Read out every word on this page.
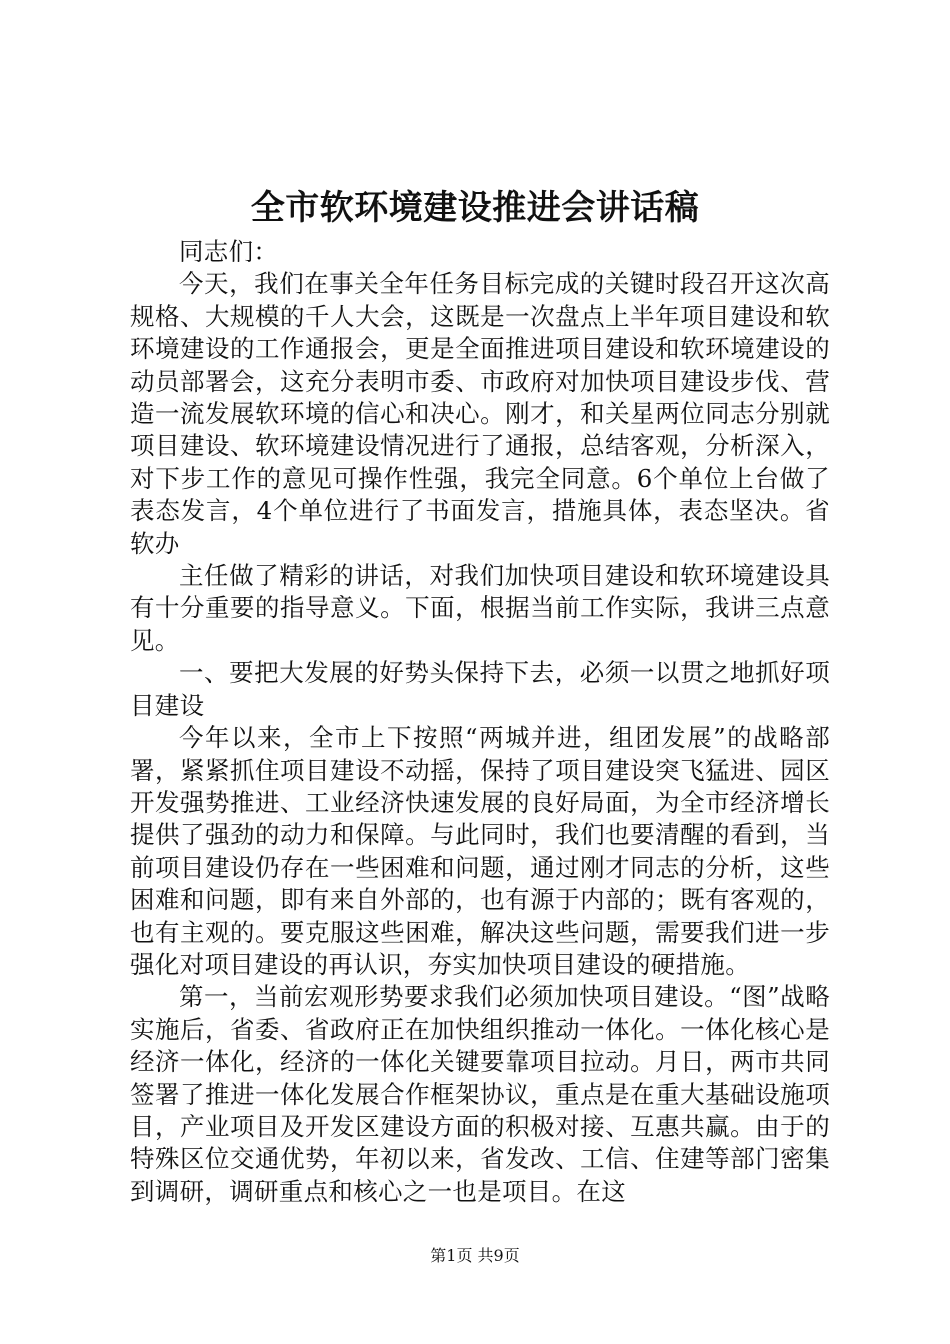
全市软环境建设推进会讲话稿

同志们：

今天，我们在事关全年任务目标完成的关键时段召开这次高规格、大规模的千人大会，这既是一次盘点上半年项目建设和软环境建设的工作通报会，更是全面推进项目建设和软环境建设的动员部署会，这充分表明市委、市政府对加快项目建设步伐、营造一流发展软环境的信心和决心。刚才，和关星两位同志分别就项目建设、软环境建设情况进行了通报，总结客观，分析深入，对下步工作的意见可操作性强，我完全同意。6个单位上台做了表态发言，4个单位进行了书面发言，措施具体，表态坚决。省软办

主任做了精彩的讲话，对我们加快项目建设和软环境建设具有十分重要的指导意义。下面，根据当前工作实际，我讲三点意见。

一、要把大发展的好势头保持下去，必须一以贯之地抓好项目建设

今年以来，全市上下按照“两城并进，组团发展”的战略部署，紧紧抓住项目建设不动摇，保持了项目建设突飞猛进、园区开发强势推进、工业经济快速发展的良好局面，为全市经济增长提供了强劲的动力和保障。与此同时，我们也要清醒的看到，当前项目建设仍存在一些困难和问题，通过刚才同志的分析，这些困难和问题，即有来自外部的，也有源于内部的；既有客观的，也有主观的。要克服这些困难，解决这些问题，需要我们进一步强化对项目建设的再认识，夯实加快项目建设的硬措施。

第一，当前宏观形势要求我们必须加快项目建设。“图”战略实施后，省委、省政府正在加快组织推动一体化。一体化核心是经济一体化，经济的一体化关键要靠项目拉动。月日，两市共同签署了推进一体化发展合作框架协议，重点是在重大基础设施项目，产业项目及开发区建设方面的积极对接、互惠共赢。由于的特殊区位交通优势，年初以来，省发改、工信、住建等部门密集到调研，调研重点和核心之一也是项目。在这

第1页 共9页
